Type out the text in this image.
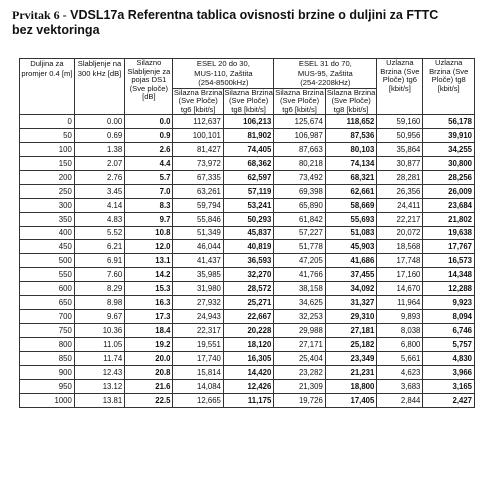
Prvitak 6 - VDSL17a Referentna tablica ovisnosti brzine o duljini za FTTC
bez vektoringa
Duljina za promjer 0.4 [m]	Slabljenje na 300 kHz [dB]	Silazno Slabljenje za pojas DS1 (Sve ploče) [dB]	ESEL 20 do 30,
MUS-110, Zaštita
(254-8500kHz)		ESEL 31 do 70,
MUS-95, Zaštita
(254-2208kHz)		Uzlazna Brzina (Sve Ploče) tg6 [kbit/s]	Uzlazna Brzina (Sve Ploče) tg8 [kbit/s]
			Silazna Brzina (Sve Ploče) tg6 [kbit/s]	Silazna Brzina (Sve Ploče) tg8 [kbit/s]	Silazna Brzina (Sve Ploče) tg6 [kbit/s]	Silazna Brzina (Sve Ploče) tg8 [kbit/s]		
0	0.00	0.0	112,637	106,213	125,674	118,652	59,160	56,178
50	0.69	0.9	100,101	81,902	106,987	87,536	50,956	39,910
100	1.38	2.6	81,427	74,405	87,663	80,103	35,864	34,255
150	2.07	4.4	73,972	68,362	80,218	74,134	30,877	30,800
200	2.76	5.7	67,335	62,597	73,492	68,321	28,281	28,256
250	3.45	7.0	63,261	57,119	69,398	62,661	26,356	26,009
300	4.14	8.3	59,794	53,241	65,890	58,669	24,411	23,684
350	4.83	9.7	55,846	50,293	61,842	55,693	22,217	21,802
400	5.52	10.8	51,349	45,837	57,227	51,083	20,072	19,638
450	6.21	12.0	46,044	40,819	51,778	45,903	18,568	17,767
500	6.91	13.1	41,437	36,593	47,205	41,686	17,748	16,573
550	7.60	14.2	35,985	32,270	41,766	37,455	17,160	14,348
600	8.29	15.3	31,980	28,572	38,158	34,092	14,670	12,288
650	8.98	16.3	27,932	25,271	34,625	31,327	11,964	9,923
700	9.67	17.3	24,943	22,667	32,253	29,310	9,893	8,094
750	10.36	18.4	22,317	20,228	29,988	27,181	8,038	6,746
800	11.05	19.2	19,551	18,120	27,171	25,182	6,800	5,757
850	11.74	20.0	17,740	16,305	25,404	23,349	5,661	4,830
900	12.43	20.8	15,814	14,420	23,282	21,231	4,623	3,966
950	13.12	21.6	14,084	12,426	21,309	18,800	3,683	3,165
1000	13.81	22.5	12,665	11,175	19,726	17,405	2,844	2,427
